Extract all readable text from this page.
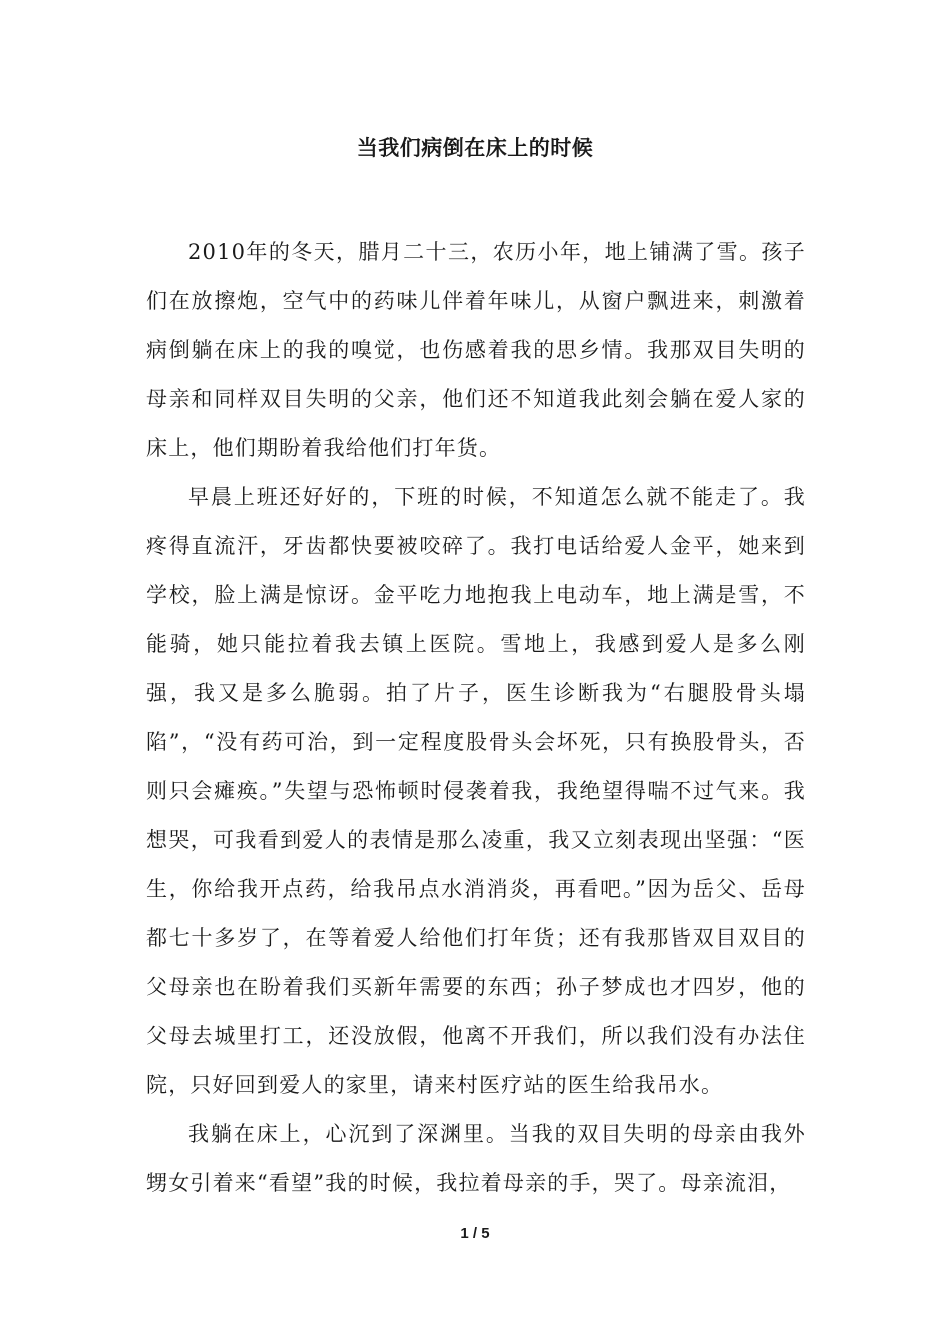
当我们病倒在床上的时候

2010年的冬天，腊月二十三，农历小年，地上铺满了雪。孩子们在放擦炮，空气中的药味儿伴着年味儿，从窗户飘进来，刺激着病倒躺在床上的我的嗅觉，也伤感着我的思乡情。我那双目失明的母亲和同样双目失明的父亲，他们还不知道我此刻会躺在爱人家的床上，他们期盼着我给他们打年货。

早晨上班还好好的，下班的时候，不知道怎么就不能走了。我疼得直流汗，牙齿都快要被咬碎了。我打电话给爱人金平，她来到学校，脸上满是惊讶。金平吃力地抱我上电动车，地上满是雪，不能骑，她只能拉着我去镇上医院。雪地上，我感到爱人是多么刚强，我又是多么脆弱。拍了片子，医生诊断我为“右腿股骨头塌陷”，“没有药可治，到一定程度股骨头会坏死，只有换股骨头，否则只会瘫痪。”失望与恐怖顿时侵袭着我，我绝望得喘不过气来。我想哭，可我看到爱人的表情是那么凌重，我又立刻表现出坚强：“医生，你给我开点药，给我吊点水消消炎，再看吧。”因为岳父、岳母都七十多岁了，在等着爱人给他们打年货；还有我那皆双目双目的父母亲也在盼着我们买新年需要的东西；孙子梦成也才四岁，他的父母去城里打工，还没放假，他离不开我们，所以我们没有办法住院，只好回到爱人的家里，请来村医疗站的医生给我吊水。

我躺在床上，心沉到了深渊里。当我的双目失明的母亲由我外甥女引着来“看望”我的时候，我拉着母亲的手，哭了。母亲流泪，

1 / 5
